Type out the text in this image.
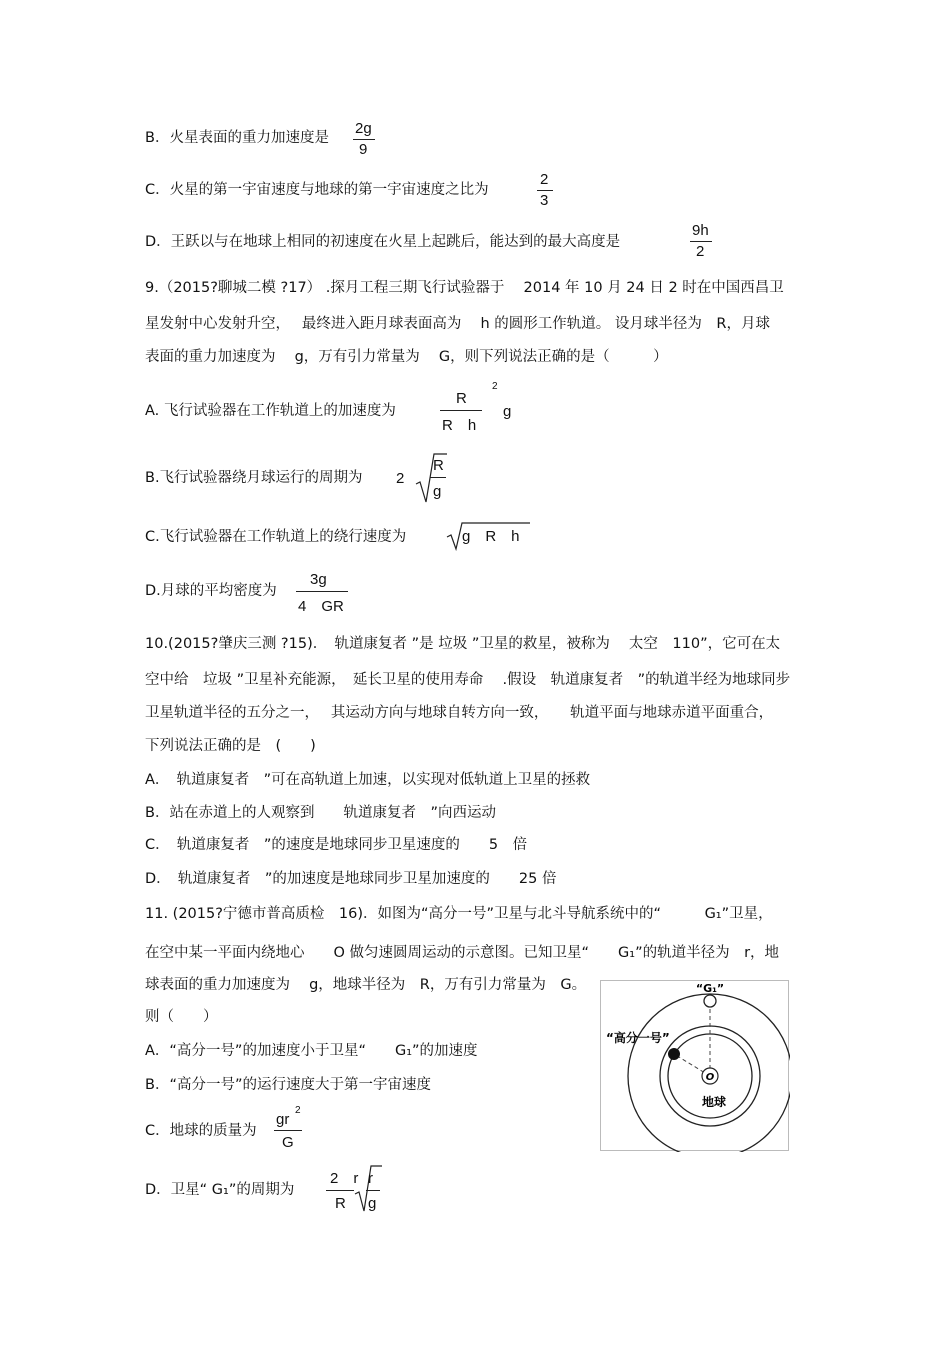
B．火星表面的重力加速度是
2g
9
C．火星的第一宇宙速度与地球的第一宇宙速度之比为
2
3
D．王跃以与在地球上相同的初速度在火星上起跳后，能达到的最大高度是
9h
2
9.（2015?聊城二模 ?17） .探月工程三期飞行试验器于 　2014 年 10 月 24 日 2 时在中国西昌卫
星发射中心发射升空，　 最终进入距月球表面高为　 h 的圆形工作轨道。 设月球半径为　R，月球
表面的重力加速度为　 g，万有引力常量为　 G，则下列说法正确的是（　　　）
A. 飞行试验器在工作轨道上的加速度为
R
R　h
2
g
B.飞行试验器绕月球运行的周期为 2
R
g
C.飞行试验器在工作轨道上的绕行速度为	g　R　h
D.月球的平均密度为
3g
4　GR
10.(2015?肇庆三测 ?15)．　轨道康复者 ”是 垃圾 ”卫星的救星，被称为　 太空　110”，它可在太
空中给　垃圾 ”卫星补充能源，　延长卫星的使用寿命　 .假设　轨道康复者　”的轨道半经为地球同步
卫星轨道半径的五分之一，　 其运动方向与地球自转方向一致，　　轨道平面与地球赤道平面重合，
下列说法正确的是　(　　)
A．　轨道康复者　”可在高轨道上加速，以实现对低轨道上卫星的拯救
B．站在赤道上的人观察到　　轨道康复者　”向西运动
C．　轨道康复者　”的速度是地球同步卫星速度的　　5　倍
D．　轨道康复者　”的加速度是地球同步卫星加速度的　　25 倍
11. (2015?宁德市普高质检　16)．如图为“高分一号”卫星与北斗导航系统中的“　　　G₁”卫星，
在空中某一平面内绕地心　　O 做匀速圆周运动的示意图。已知卫星“　　G₁”的轨道半径为　r，地
球表面的重力加速度为　 g，地球半径为　R，万有引力常量为　G。
则（　　）
A．“高分一号”的加速度小于卫星“　　G₁”的加速度
B．“高分一号”的运行速度大于第一宇宙速度
C．地球的质量为
gr
2
G
D．卫星“ G₁”的周期为
2　r
R
r
g
O
“G₁”
“高分一号”
地球
